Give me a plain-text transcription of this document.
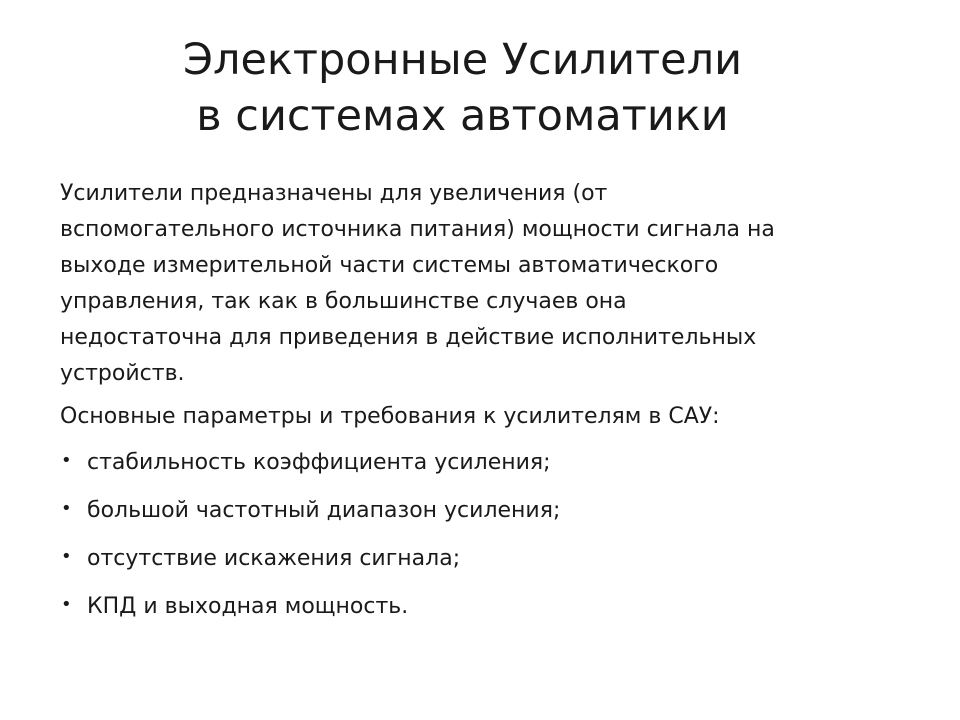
Электронные Усилители
в системах автоматики

Усилители предназначены для увеличения (от
вспомогательного источника питания) мощности сигнала на
выходе измерительной части системы автоматического
управления, так как в большинстве случаев она
недостаточна для приведения в действие исполнительных
устройств.

Основные параметры и требования к усилителям в САУ:
• стабильность коэффициента усиления;
• большой частотный диапазон усиления;
• отсутствие искажения сигнала;
• КПД и выходная мощность.
